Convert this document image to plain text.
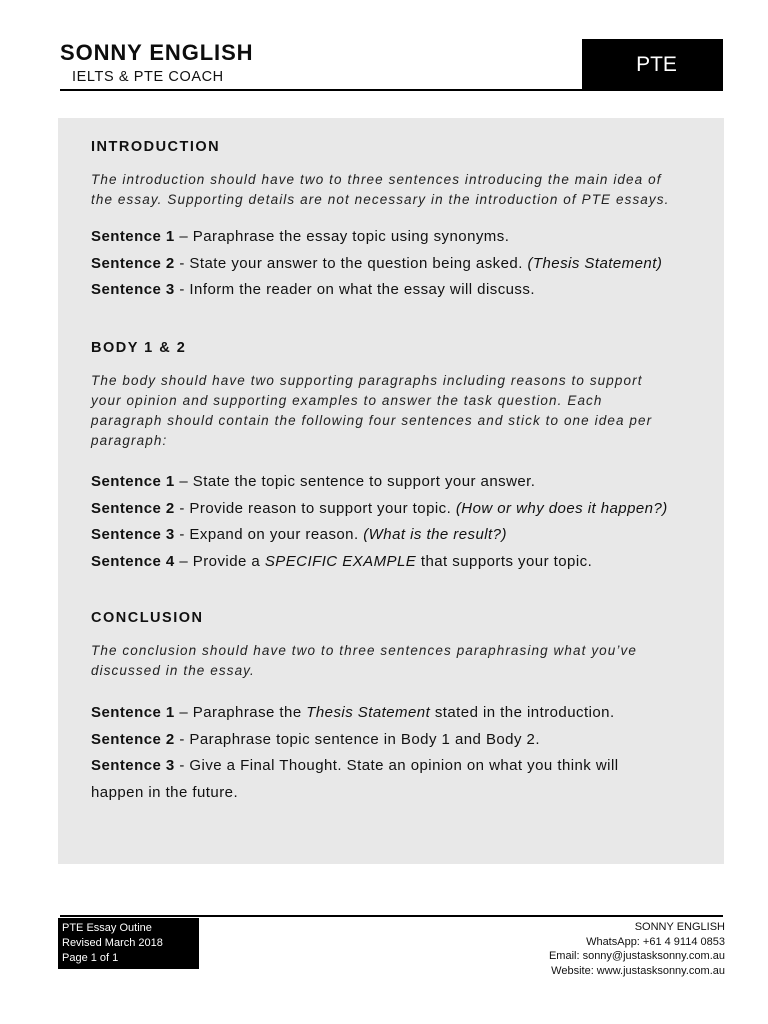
SONNY ENGLISH
IELTS & PTE COACH
PTE
INTRODUCTION
The introduction should have two to three sentences introducing the main idea of
the essay. Supporting details are not necessary in the introduction of PTE essays.
Sentence 1 – Paraphrase the essay topic using synonyms.
Sentence 2 - State your answer to the question being asked. (Thesis Statement)
Sentence 3 - Inform the reader on what the essay will discuss.
BODY 1 & 2
The body should have two supporting paragraphs including reasons to support
your opinion and supporting examples to answer the task question. Each
paragraph should contain the following four sentences and stick to one idea per
paragraph:
Sentence 1 – State the topic sentence to support your answer.
Sentence 2 - Provide reason to support your topic. (How or why does it happen?)
Sentence 3 - Expand on your reason. (What is the result?)
Sentence 4 – Provide a SPECIFIC EXAMPLE that supports your topic.
CONCLUSION
The conclusion should have two to three sentences paraphrasing what you’ve
discussed in the essay.
Sentence 1 – Paraphrase the Thesis Statement stated in the introduction.
Sentence 2 - Paraphrase topic sentence in Body 1 and Body 2.
Sentence 3 - Give a Final Thought. State an opinion on what you think will
happen in the future.
PTE Essay Outine
Revised March 2018
Page 1 of 1
SONNY ENGLISH
WhatsApp: +61 4 9114 0853
Email: sonny@justasksonny.com.au
Website: www.justasksonny.com.au
